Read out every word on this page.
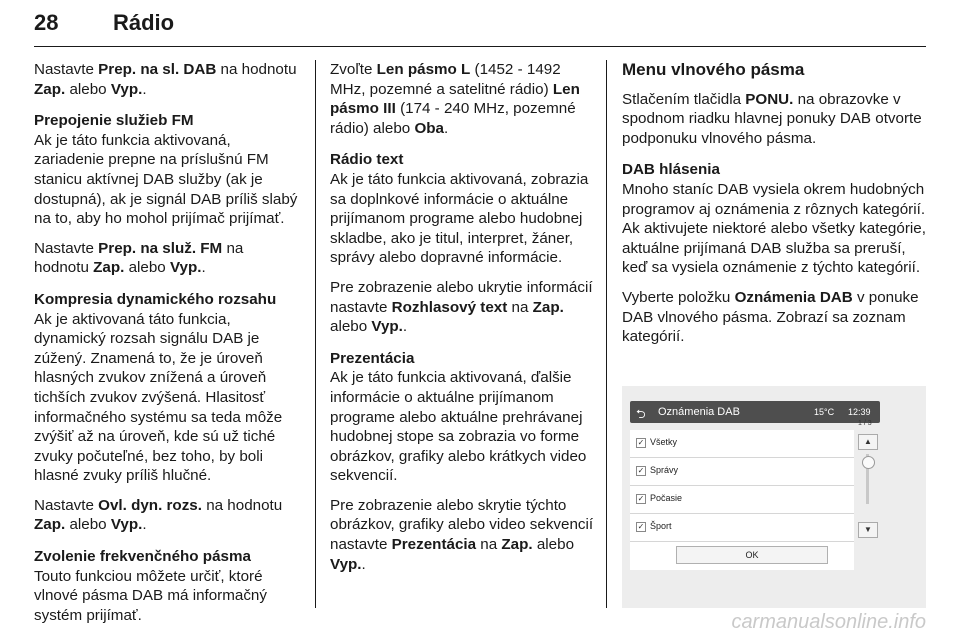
28 Rádio

Nastavte Prep. na sl. DAB na hodnotu Zap. alebo Vyp..

Prepojenie služieb FM

Ak je táto funkcia aktivovaná, zariadenie prepne na príslušnú FM stanicu aktívnej DAB služby (ak je dostupná), ak je signál DAB príliš slabý na to, aby ho mohol prijímač prijímať.

Nastavte Prep. na služ. FM na hodnotu Zap. alebo Vyp..

Kompresia dynamického rozsahu

Ak je aktivovaná táto funkcia, dynamický rozsah signálu DAB je zúžený. Znamená to, že je úroveň hlasných zvukov znížená a úroveň tichších zvukov zvýšená. Hlasitosť informačného systému sa teda môže zvýšiť až na úroveň, kde sú už tiché zvuky počuteľné, bez toho, by boli hlasné zvuky príliš hlučné.

Nastavte Ovl. dyn. rozs. na hodnotu Zap. alebo Vyp..

Zvolenie frekvenčného pásma

Touto funkciou môžete určiť, ktoré vlnové pásma DAB má informačný systém prijímať.

Zvoľte Len pásmo L (1452 - 1492 MHz, pozemné a satelitné rádio) Len pásmo III (174 - 240 MHz, pozemné rádio) alebo Oba.

Rádio text

Ak je táto funkcia aktivovaná, zobrazia sa doplnkové informácie o aktuálne prijímanom programe alebo hudobnej skladbe, ako je titul, interpret, žáner, správy alebo dopravné informácie.

Pre zobrazenie alebo ukrytie informácií nastavte Rozhlasový text na Zap. alebo Vyp..

Prezentácia

Ak je táto funkcia aktivovaná, ďalšie informácie o aktuálne prijímanom programe alebo aktuálne prehrávanej hudobnej stope sa zobrazia vo forme obrázkov, grafiky alebo krátkych video sekvencií.

Pre zobrazenie alebo skrytie týchto obrázkov, grafiky alebo video sekvencií nastavte Prezentácia na Zap. alebo Vyp..

Menu vlnového pásma

Stlačením tlačidla PONU. na obrazovke v spodnom riadku hlavnej ponuky DAB otvorte podponuku vlnového pásma.

DAB hlásenia

Mnoho staníc DAB vysiela okrem hudobných programov aj oznámenia z rôznych kategórií. Ak aktivujete niektoré alebo všetky kategórie, aktuálne prijímaná DAB služba sa preruší, keď sa vysiela oznámenie z týchto kategórií.

Vyberte položku Oznámenia DAB v ponuke DAB vlnového pásma. Zobrazí sa zoznam kategórií.

⮌ Oznámenia DAB	15°C 12:39
✓ Všetky
✓ Správy
✓ Počasie
✓ Šport
1 / 3
▲
▼
OK
carmanualsonline.info
